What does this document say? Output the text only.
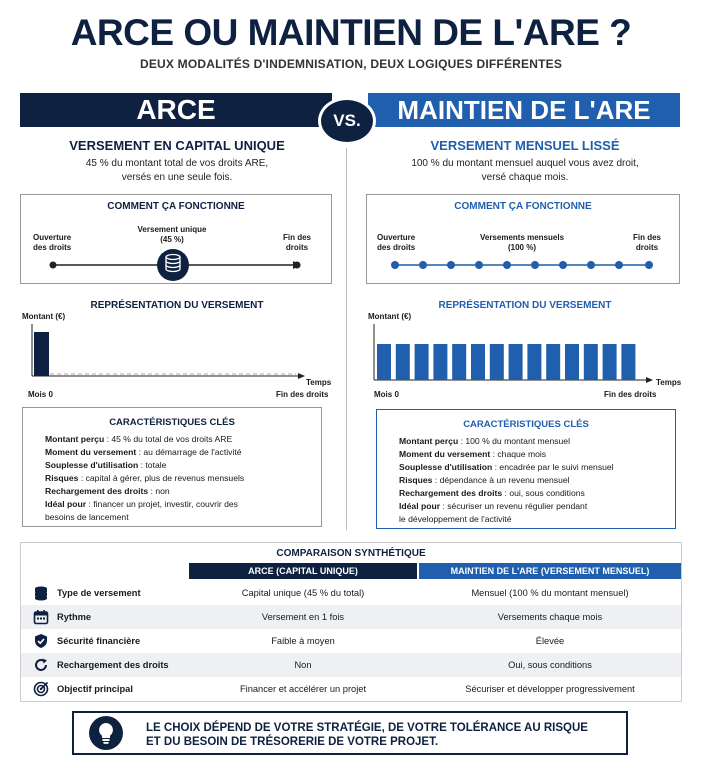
ARCE OU MAINTIEN DE L'ARE ?
DEUX MODALITÉS D'INDEMNISATION, DEUX LOGIQUES DIFFÉRENTES
ARCE	MAINTIEN DE L'ARE
VS.
VERSEMENT EN CAPITAL UNIQUE
45 % du montant total de vos droits ARE,
versés en une seule fois.
COMMENT ÇA FONCTIONNE
Ouverture
des droits
Versement unique
(45 %)	Fin des
droits
REPRÉSENTATION DU VERSEMENT
Montant (€)
Temps
Mois 0	Fin des droits
CARACTÉRISTIQUES CLÉS
Montant perçu : 45 % du total de vos droits ARE
Moment du versement : au démarrage de l'activité
Souplesse d'utilisation : totale
Risques : capital à gérer, plus de revenus mensuels
Rechargement des droits : non
Idéal pour : financer un projet, investir, couvrir des
besoins de lancement
VERSEMENT MENSUEL LISSÉ
100 % du montant mensuel auquel vous avez droit,
versé chaque mois.
COMMENT ÇA FONCTIONNE
Ouverture
des droits
Versements mensuels
(100 %)
Fin des
droits
REPRÉSENTATION DU VERSEMENT
Montant (€)
Temps
Mois 0	Fin des droits
CARACTÉRISTIQUES CLÉS
Montant perçu : 100 % du montant mensuel
Moment du versement : chaque mois
Souplesse d'utilisation : encadrée par le suivi mensuel
Risques : dépendance à un revenu mensuel
Rechargement des droits : oui, sous conditions
Idéal pour : sécuriser un revenu régulier pendant
le développement de l'activité
COMPARAISON SYNTHÉTIQUE
ARCE (CAPITAL UNIQUE)	MAINTIEN DE L'ARE (VERSEMENT MENSUEL)
Type de versement	Capital unique (45 % du total)	Mensuel (100 % du montant mensuel)
Rythme	Versement en 1 fois	Versements chaque mois
Sécurité financière	Faible à moyen	Élevée
Rechargement des droits	Non	Oui, sous conditions
Objectif principal	Financer et accélérer un projet	Sécuriser et développer progressivement
LE CHOIX DÉPEND DE VOTRE STRATÉGIE, DE VOTRE TOLÉRANCE AU RISQUE
ET DU BESOIN DE TRÉSORERIE DE VOTRE PROJET.
